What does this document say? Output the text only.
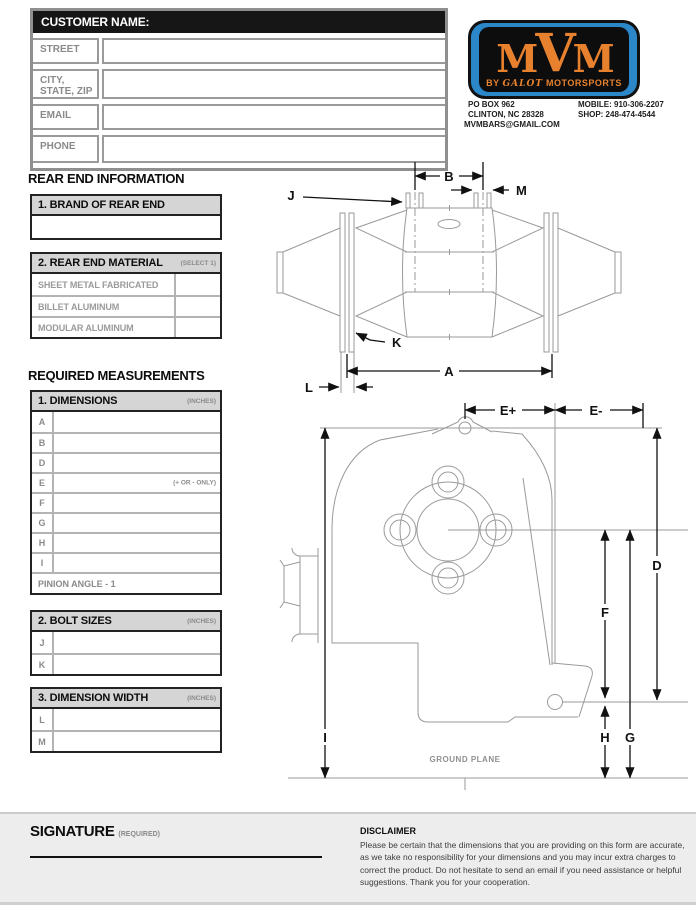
CUSTOMER NAME:
STREET
CITY, STATE, ZIP
EMAIL
PHONE
M V M
BY GALOT MOTORSPORTS
PO BOX 962
CLINTON, NC 28328
MVMBARS@GMAIL.COM
MOBILE: 910-306-2207
SHOP: 248-474-4544
REAR END INFORMATION
1. BRAND OF REAR END
2. REAR END MATERIAL	(SELECT 1)
SHEET METAL FABRICATED
BILLET ALUMINUM
MODULAR ALUMINUM
REQUIRED MEASUREMENTS
1. DIMENSIONS	(INCHES)
A
B
D
E	(+ OR - ONLY)
F
G
H
I
PINION ANGLE - 1
2. BOLT SIZES	(INCHES)
J
K
3. DIMENSION WIDTH	(INCHES)
L
M
B
M
J
K
A
L
E+	E-
I
D
F
H G
GROUND PLANE
SIGNATURE (REQUIRED)	DISCLAIMER
Please be certain that the dimensions that you are providing on this form are accurate, as we take no responsibility for your dimensions and you may incur extra charges to correct the product. Do not hesitate to send an email if you need assistance or helpful suggestions. Thank you for your cooperation.
